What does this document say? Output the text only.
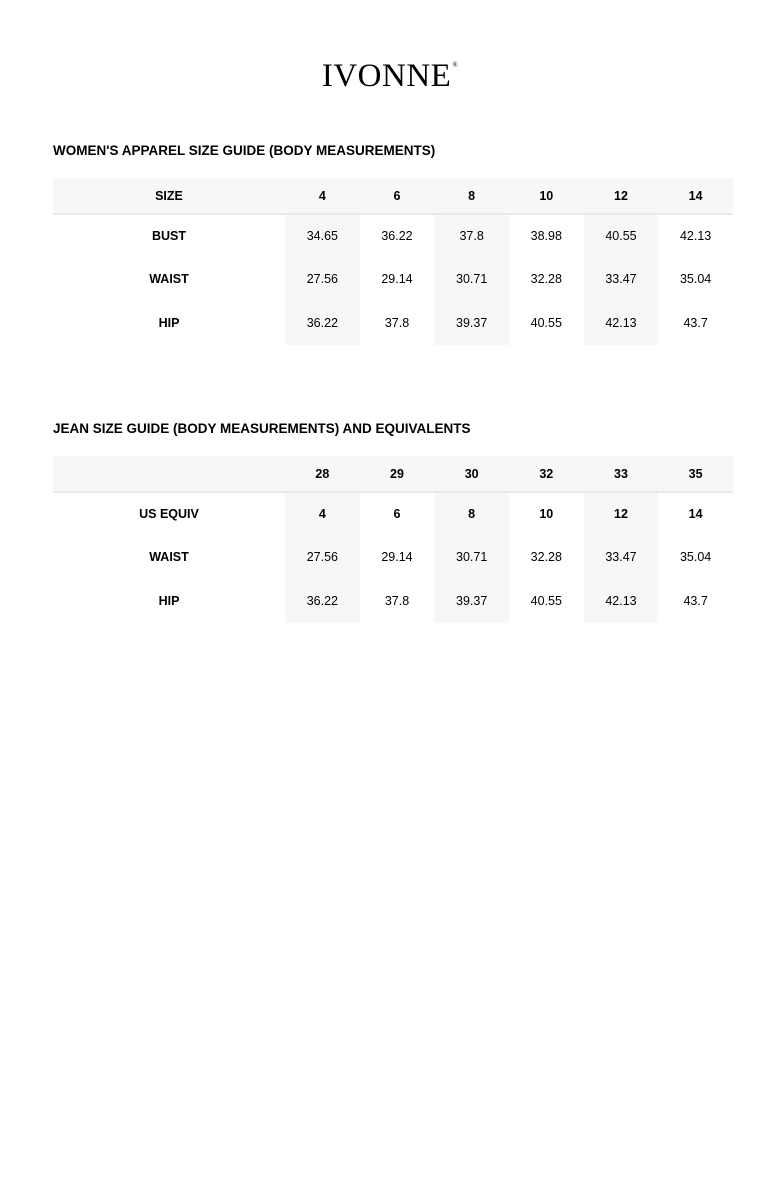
IVONNE®
WOMEN'S APPAREL SIZE GUIDE (BODY MEASUREMENTS)
SIZE	4	6	8	10	12	14
BUST	34.65	36.22	37.8	38.98	40.55	42.13
WAIST	27.56	29.14	30.71	32.28	33.47	35.04
HIP	36.22	37.8	39.37	40.55	42.13	43.7
JEAN SIZE GUIDE (BODY MEASUREMENTS) AND EQUIVALENTS
	28	29	30	32	33	35
US EQUIV	4	6	8	10	12	14
WAIST	27.56	29.14	30.71	32.28	33.47	35.04
HIP	36.22	37.8	39.37	40.55	42.13	43.7
